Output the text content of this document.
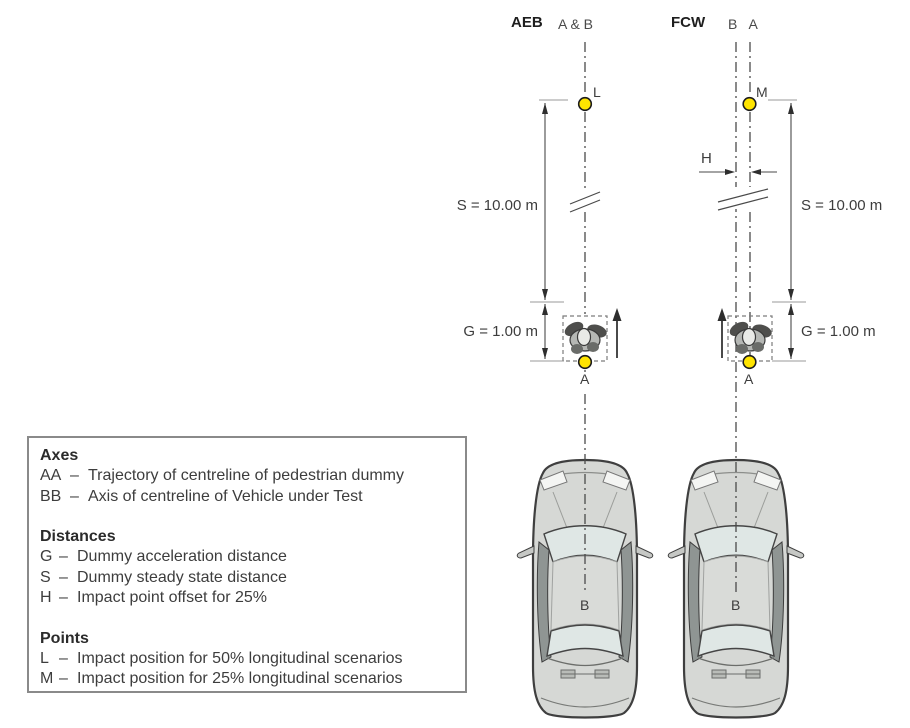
AEB A & B	FCW B A
L	M
S = 10.00 m
G = 1.00 m
S = 10.00 m
G = 1.00 m
H
A	A
B	B
Axes
AA – Trajectory of centreline of pedestrian dummy
BB – Axis of centreline of Vehicle under Test
Distances
G – Dummy acceleration distance
S – Dummy steady state distance
H – Impact point offset for 25%
Points
L – Impact position for 50% longitudinal scenarios
M – Impact position for 25% longitudinal scenarios
